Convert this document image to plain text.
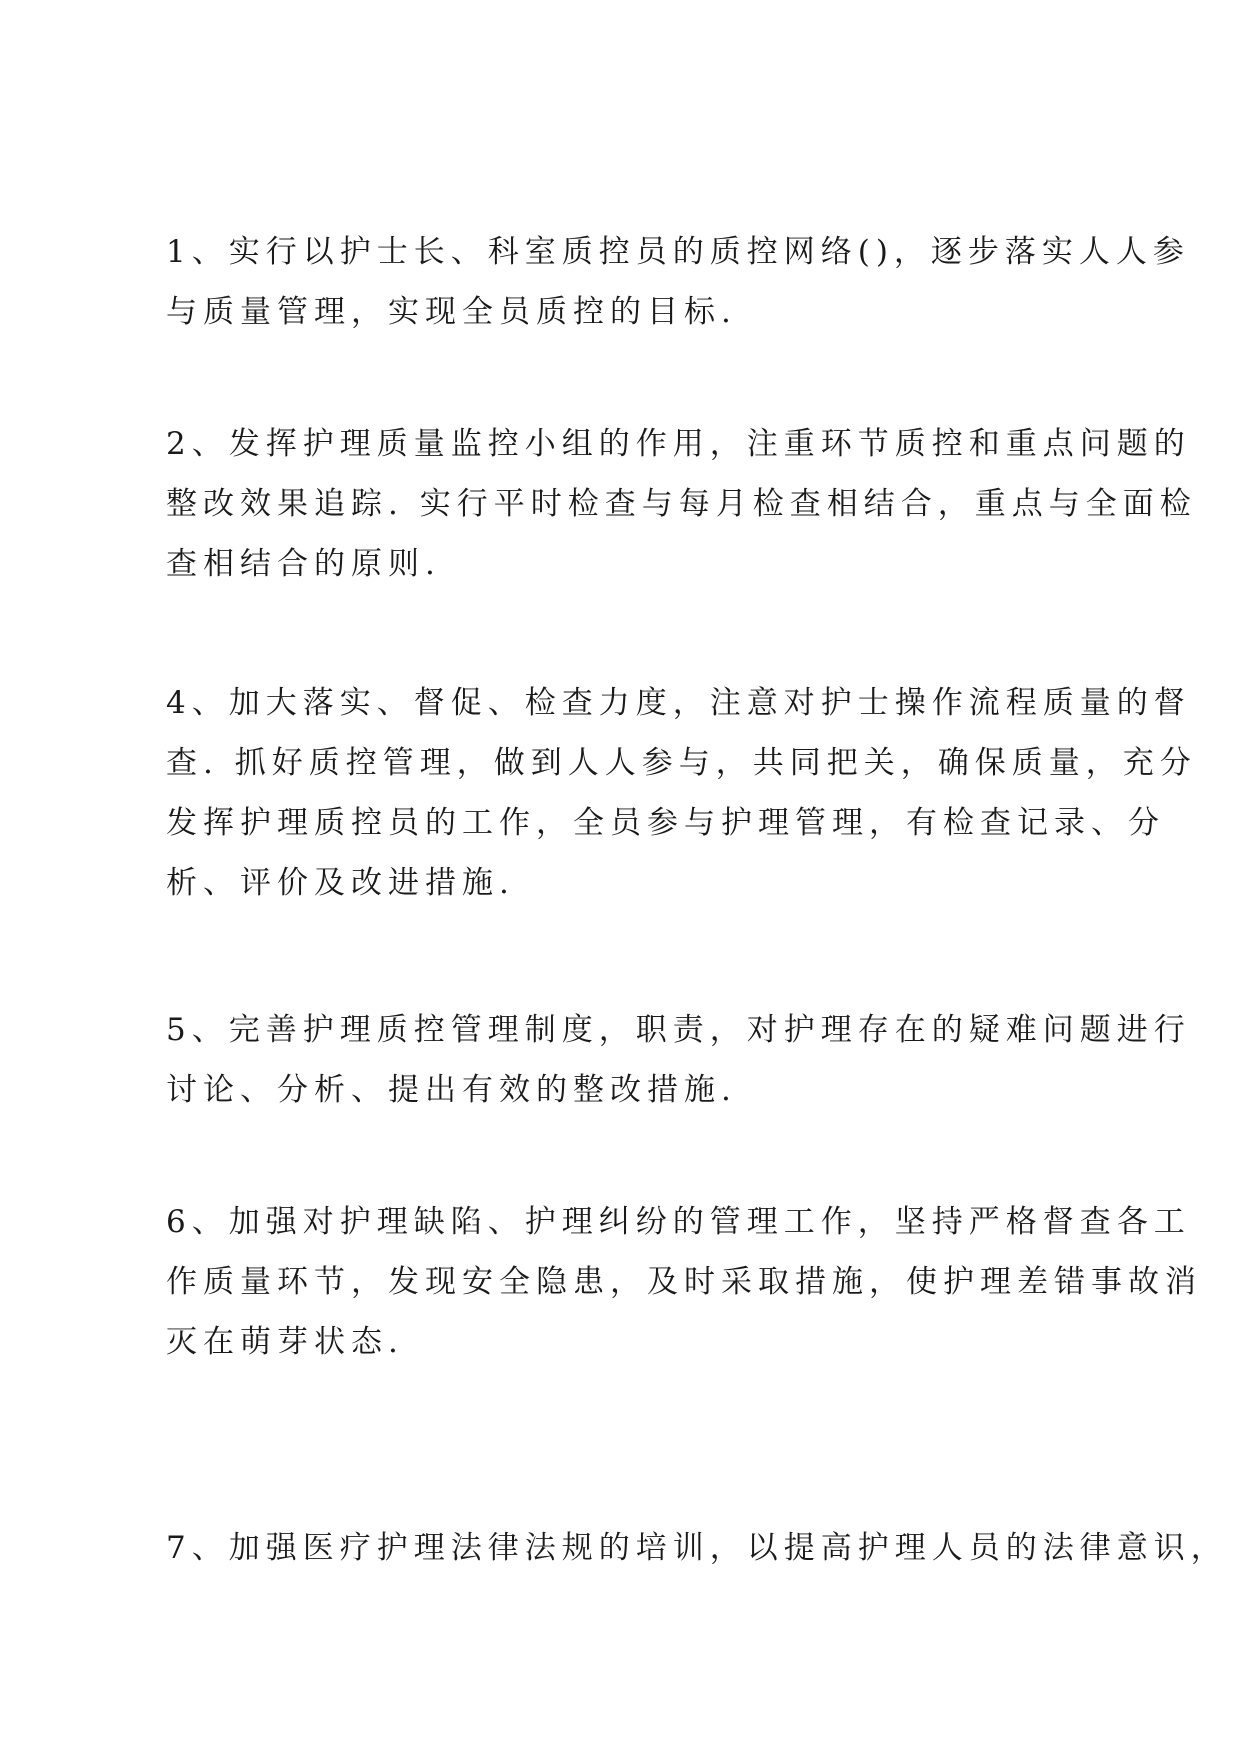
1、实行以护士长、科室质控员的质控网络()，逐步落实人人参
与质量管理，实现全员质控的目标.

2、发挥护理质量监控小组的作用，注重环节质控和重点问题的
整改效果追踪. 实行平时检查与每月检查相结合，重点与全面检
查相结合的原则.

4、加大落实、督促、检查力度，注意对护士操作流程质量的督
查. 抓好质控管理，做到人人参与，共同把关，确保质量，充分
发挥护理质控员的工作，全员参与护理管理，有检查记录、分
析、评价及改进措施.

5、完善护理质控管理制度，职责，对护理存在的疑难问题进行
讨论、分析、提出有效的整改措施.

6、加强对护理缺陷、护理纠纷的管理工作，坚持严格督查各工
作质量环节，发现安全隐患，及时采取措施，使护理差错事故消
灭在萌芽状态.

7、加强医疗护理法律法规的培训，以提高护理人员的法律意识，
